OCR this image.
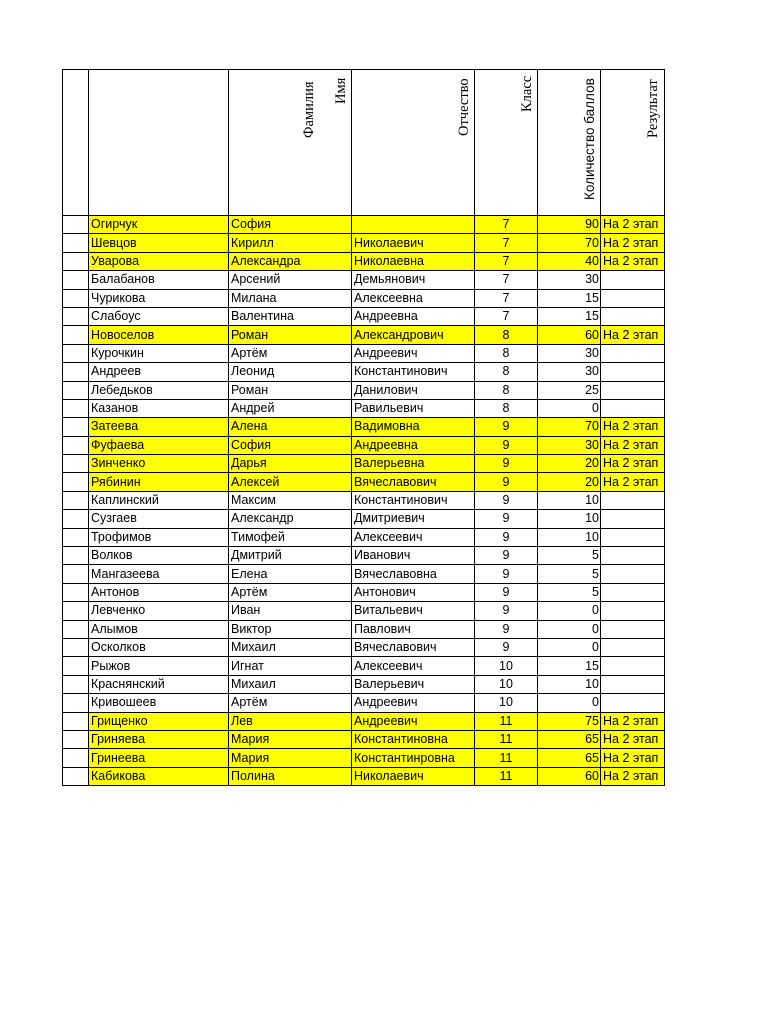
	Фамилия	Имя	Отчество	Класс	Количество баллов	Результат

	Огирчук	София		7	90	На 2 этап
	Шевцов	Кирилл	Николаевич	7	70	На 2 этап
	Уварова	Александра	Николаевна	7	40	На 2 этап
	Балабанов	Арсений	Демьянович	7	30	
	Чурикова	Милана	Алексеевна	7	15	
	Слабоус	Валентина	Андреевна	7	15	
	Новоселов	Роман	Александрович	8	60	На 2 этап
	Курочкин	Артём	Андреевич	8	30	
	Андреев	Леонид	Константинович	8	30	
	Лебедьков	Роман	Данилович	8	25	
	Казанов	Андрей	Равильевич	8	0	
	Затеева	Алена	Вадимовна	9	70	На 2 этап
	Фуфаева	София	Андреевна	9	30	На 2 этап
	Зинченко	Дарья	Валерьевна	9	20	На 2 этап
	Рябинин	Алексей	Вячеславович	9	20	На 2 этап
	Каплинский	Максим	Константинович	9	10	
	Сузгаев	Александр	Дмитриевич	9	10	
	Трофимов	Тимофей	Алексеевич	9	10	
	Волков	Дмитрий	Иванович	9	5	
	Мангазеева	Елена	Вячеславовна	9	5	
	Антонов	Артём	Антонович	9	5	
	Левченко	Иван	Витальевич	9	0	
	Алымов	Виктор	Павлович	9	0	
	Осколков	Михаил	Вячеславович	9	0	
	Рыжов	Игнат	Алексеевич	10	15	
	Краснянский	Михаил	Валерьевич	10	10	
	Кривошеев	Артём	Андреевич	10	0	
	Грищенко	Лев	Андреевич	11	75	На 2 этап
	Гриняева	Мария	Константиновна	11	65	На 2 этап
	Гринеева	Мария	Константинровна	11	65	На 2 этап
	Кабикова	Полина	Николаевич	11	60	На 2 этап
